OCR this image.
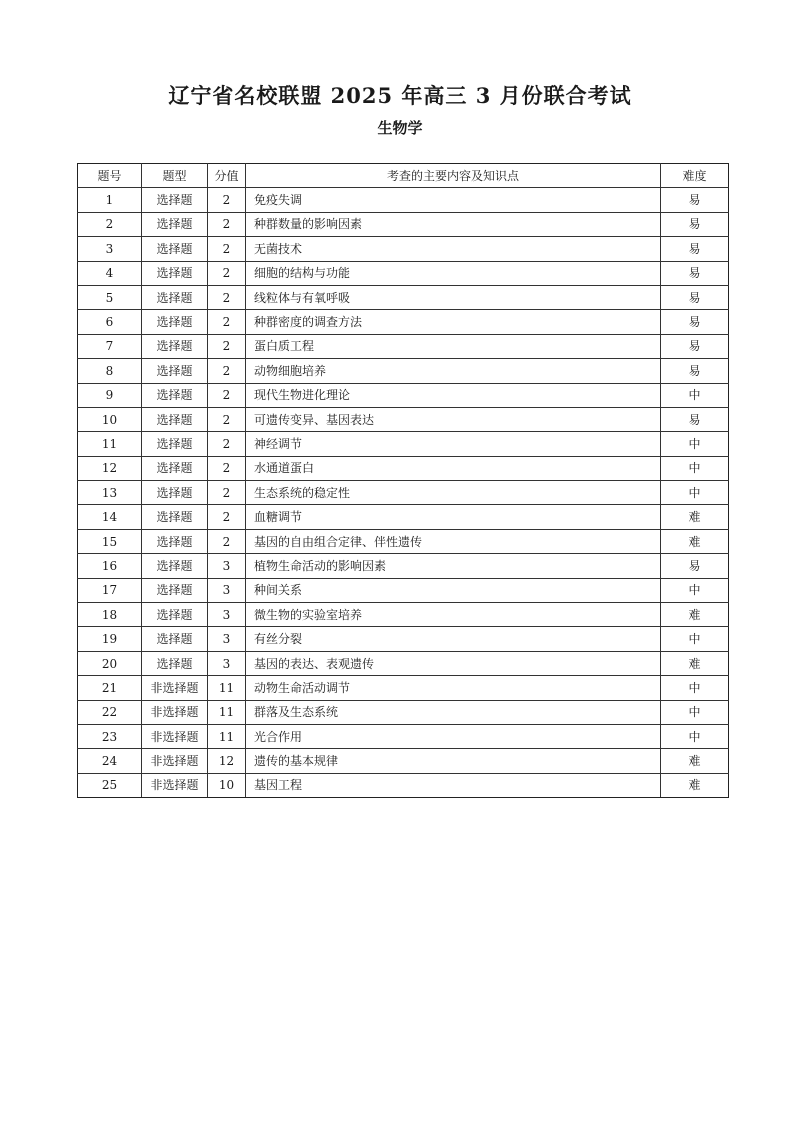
辽宁省名校联盟 2025 年高三 3 月份联合考试
生物学
题号	题型	分值	考查的主要内容及知识点	难度
1	选择题	2	免疫失调	易
2	选择题	2	种群数量的影响因素	易
3	选择题	2	无菌技术	易
4	选择题	2	细胞的结构与功能	易
5	选择题	2	线粒体与有氧呼吸	易
6	选择题	2	种群密度的调查方法	易
7	选择题	2	蛋白质工程	易
8	选择题	2	动物细胞培养	易
9	选择题	2	现代生物进化理论	中
10	选择题	2	可遗传变异、基因表达	易
11	选择题	2	神经调节	中
12	选择题	2	水通道蛋白	中
13	选择题	2	生态系统的稳定性	中
14	选择题	2	血糖调节	难
15	选择题	2	基因的自由组合定律、伴性遗传	难
16	选择题	3	植物生命活动的影响因素	易
17	选择题	3	种间关系	中
18	选择题	3	微生物的实验室培养	难
19	选择题	3	有丝分裂	中
20	选择题	3	基因的表达、表观遗传	难
21	非选择题	11	动物生命活动调节	中
22	非选择题	11	群落及生态系统	中
23	非选择题	11	光合作用	中
24	非选择题	12	遗传的基本规律	难
25	非选择题	10	基因工程	难
